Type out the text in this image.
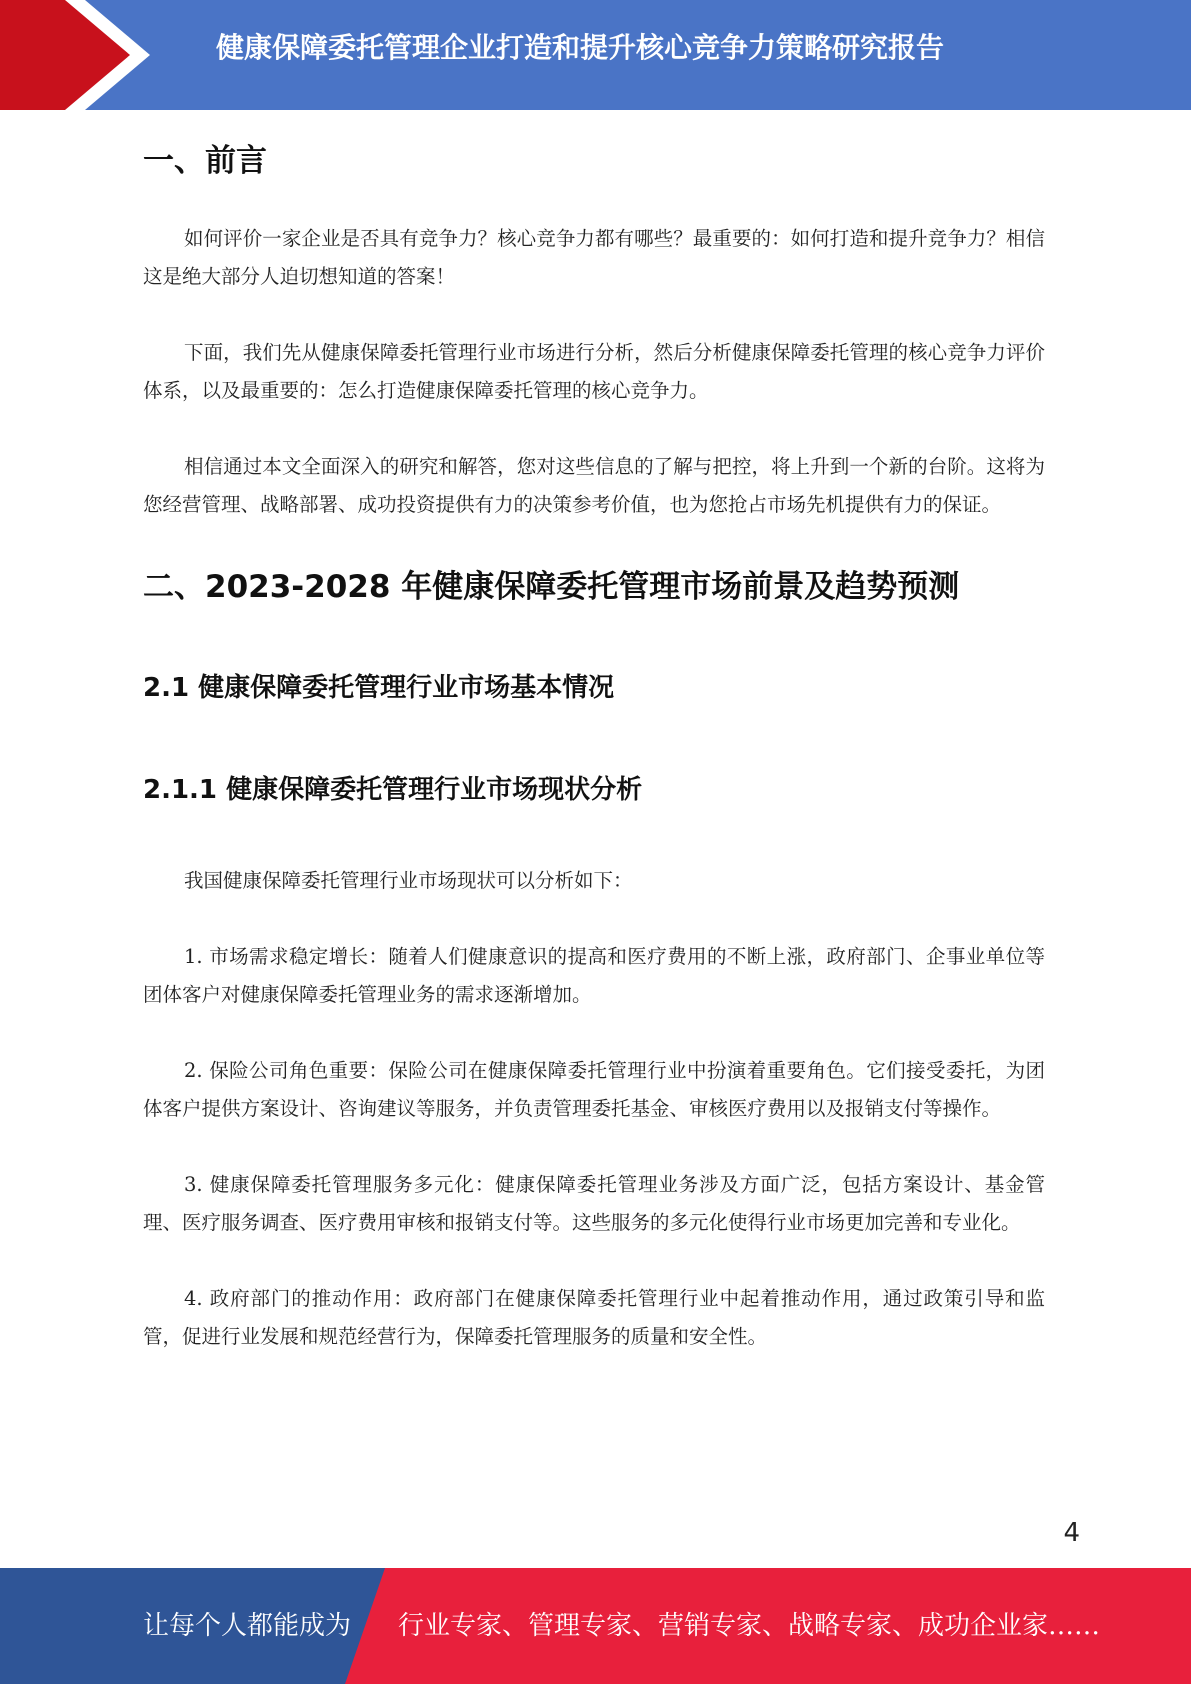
健康保障委托管理企业打造和提升核心竞争力策略研究报告
一、前言

如何评价一家企业是否具有竞争力？核心竞争力都有哪些？最重要的：如何打造和提升竞争力？相信这是绝大部分人迫切想知道的答案！

下面，我们先从健康保障委托管理行业市场进行分析，然后分析健康保障委托管理的核心竞争力评价体系，以及最重要的：怎么打造健康保障委托管理的核心竞争力。

相信通过本文全面深入的研究和解答，您对这些信息的了解与把控，将上升到一个新的台阶。这将为您经营管理、战略部署、成功投资提供有力的决策参考价值，也为您抢占市场先机提供有力的保证。

二、2023-2028 年健康保障委托管理市场前景及趋势预测
2.1 健康保障委托管理行业市场基本情况
2.1.1 健康保障委托管理行业市场现状分析

我国健康保障委托管理行业市场现状可以分析如下：

1. 市场需求稳定增长：随着人们健康意识的提高和医疗费用的不断上涨，政府部门、企事业单位等团体客户对健康保障委托管理业务的需求逐渐增加。

2. 保险公司角色重要：保险公司在健康保障委托管理行业中扮演着重要角色。它们接受委托，为团体客户提供方案设计、咨询建议等服务，并负责管理委托基金、审核医疗费用以及报销支付等操作。

3. 健康保障委托管理服务多元化：健康保障委托管理业务涉及方面广泛，包括方案设计、基金管理、医疗服务调查、医疗费用审核和报销支付等。这些服务的多元化使得行业市场更加完善和专业化。

4. 政府部门的推动作用：政府部门在健康保障委托管理行业中起着推动作用，通过政策引导和监管，促进行业发展和规范经营行为，保障委托管理服务的质量和安全性。

4
让每个人都能成为 行业专家、管理专家、营销专家、战略专家、成功企业家……
